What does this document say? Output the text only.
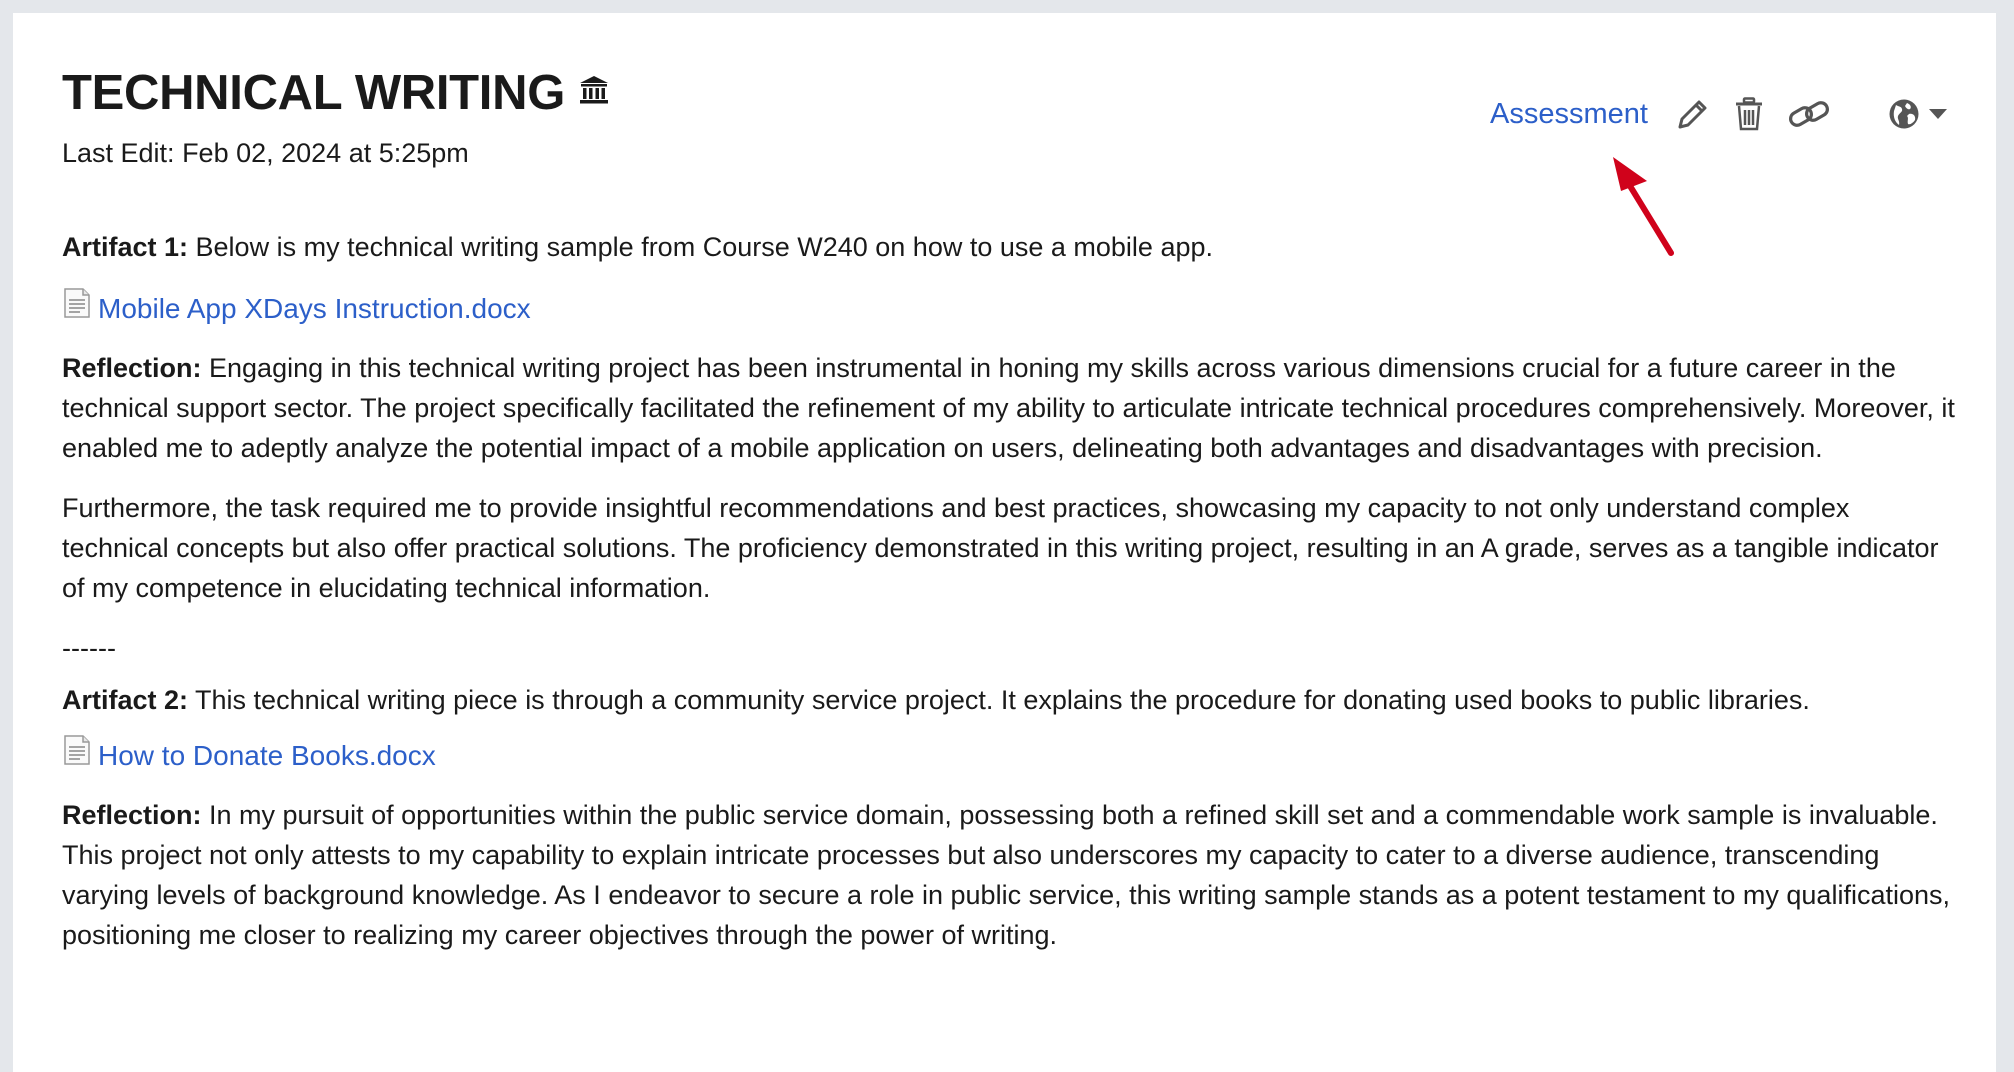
TECHNICAL WRITING
Last Edit: Feb 02, 2024 at 5:25pm
Assessment

Artifact 1: Below is my technical writing sample from Course W240 on how to use a mobile app.

Mobile App XDays Instruction.docx

Reflection: Engaging in this technical writing project has been instrumental in honing my skills across various dimensions crucial for a future career in the technical support sector. The project specifically facilitated the refinement of my ability to articulate intricate technical procedures comprehensively. Moreover, it enabled me to adeptly analyze the potential impact of a mobile application on users, delineating both advantages and disadvantages with precision.

Furthermore, the task required me to provide insightful recommendations and best practices, showcasing my capacity to not only understand complex technical concepts but also offer practical solutions. The proficiency demonstrated in this writing project, resulting in an A grade, serves as a tangible indicator of my competence in elucidating technical information.

------

Artifact 2: This technical writing piece is through a community service project. It explains the procedure for donating used books to public libraries.

How to Donate Books.docx

Reflection: In my pursuit of opportunities within the public service domain, possessing both a refined skill set and a commendable work sample is invaluable. This project not only attests to my capability to explain intricate processes but also underscores my capacity to cater to a diverse audience, transcending varying levels of background knowledge. As I endeavor to secure a role in public service, this writing sample stands as a potent testament to my qualifications, positioning me closer to realizing my career objectives through the power of writing.
